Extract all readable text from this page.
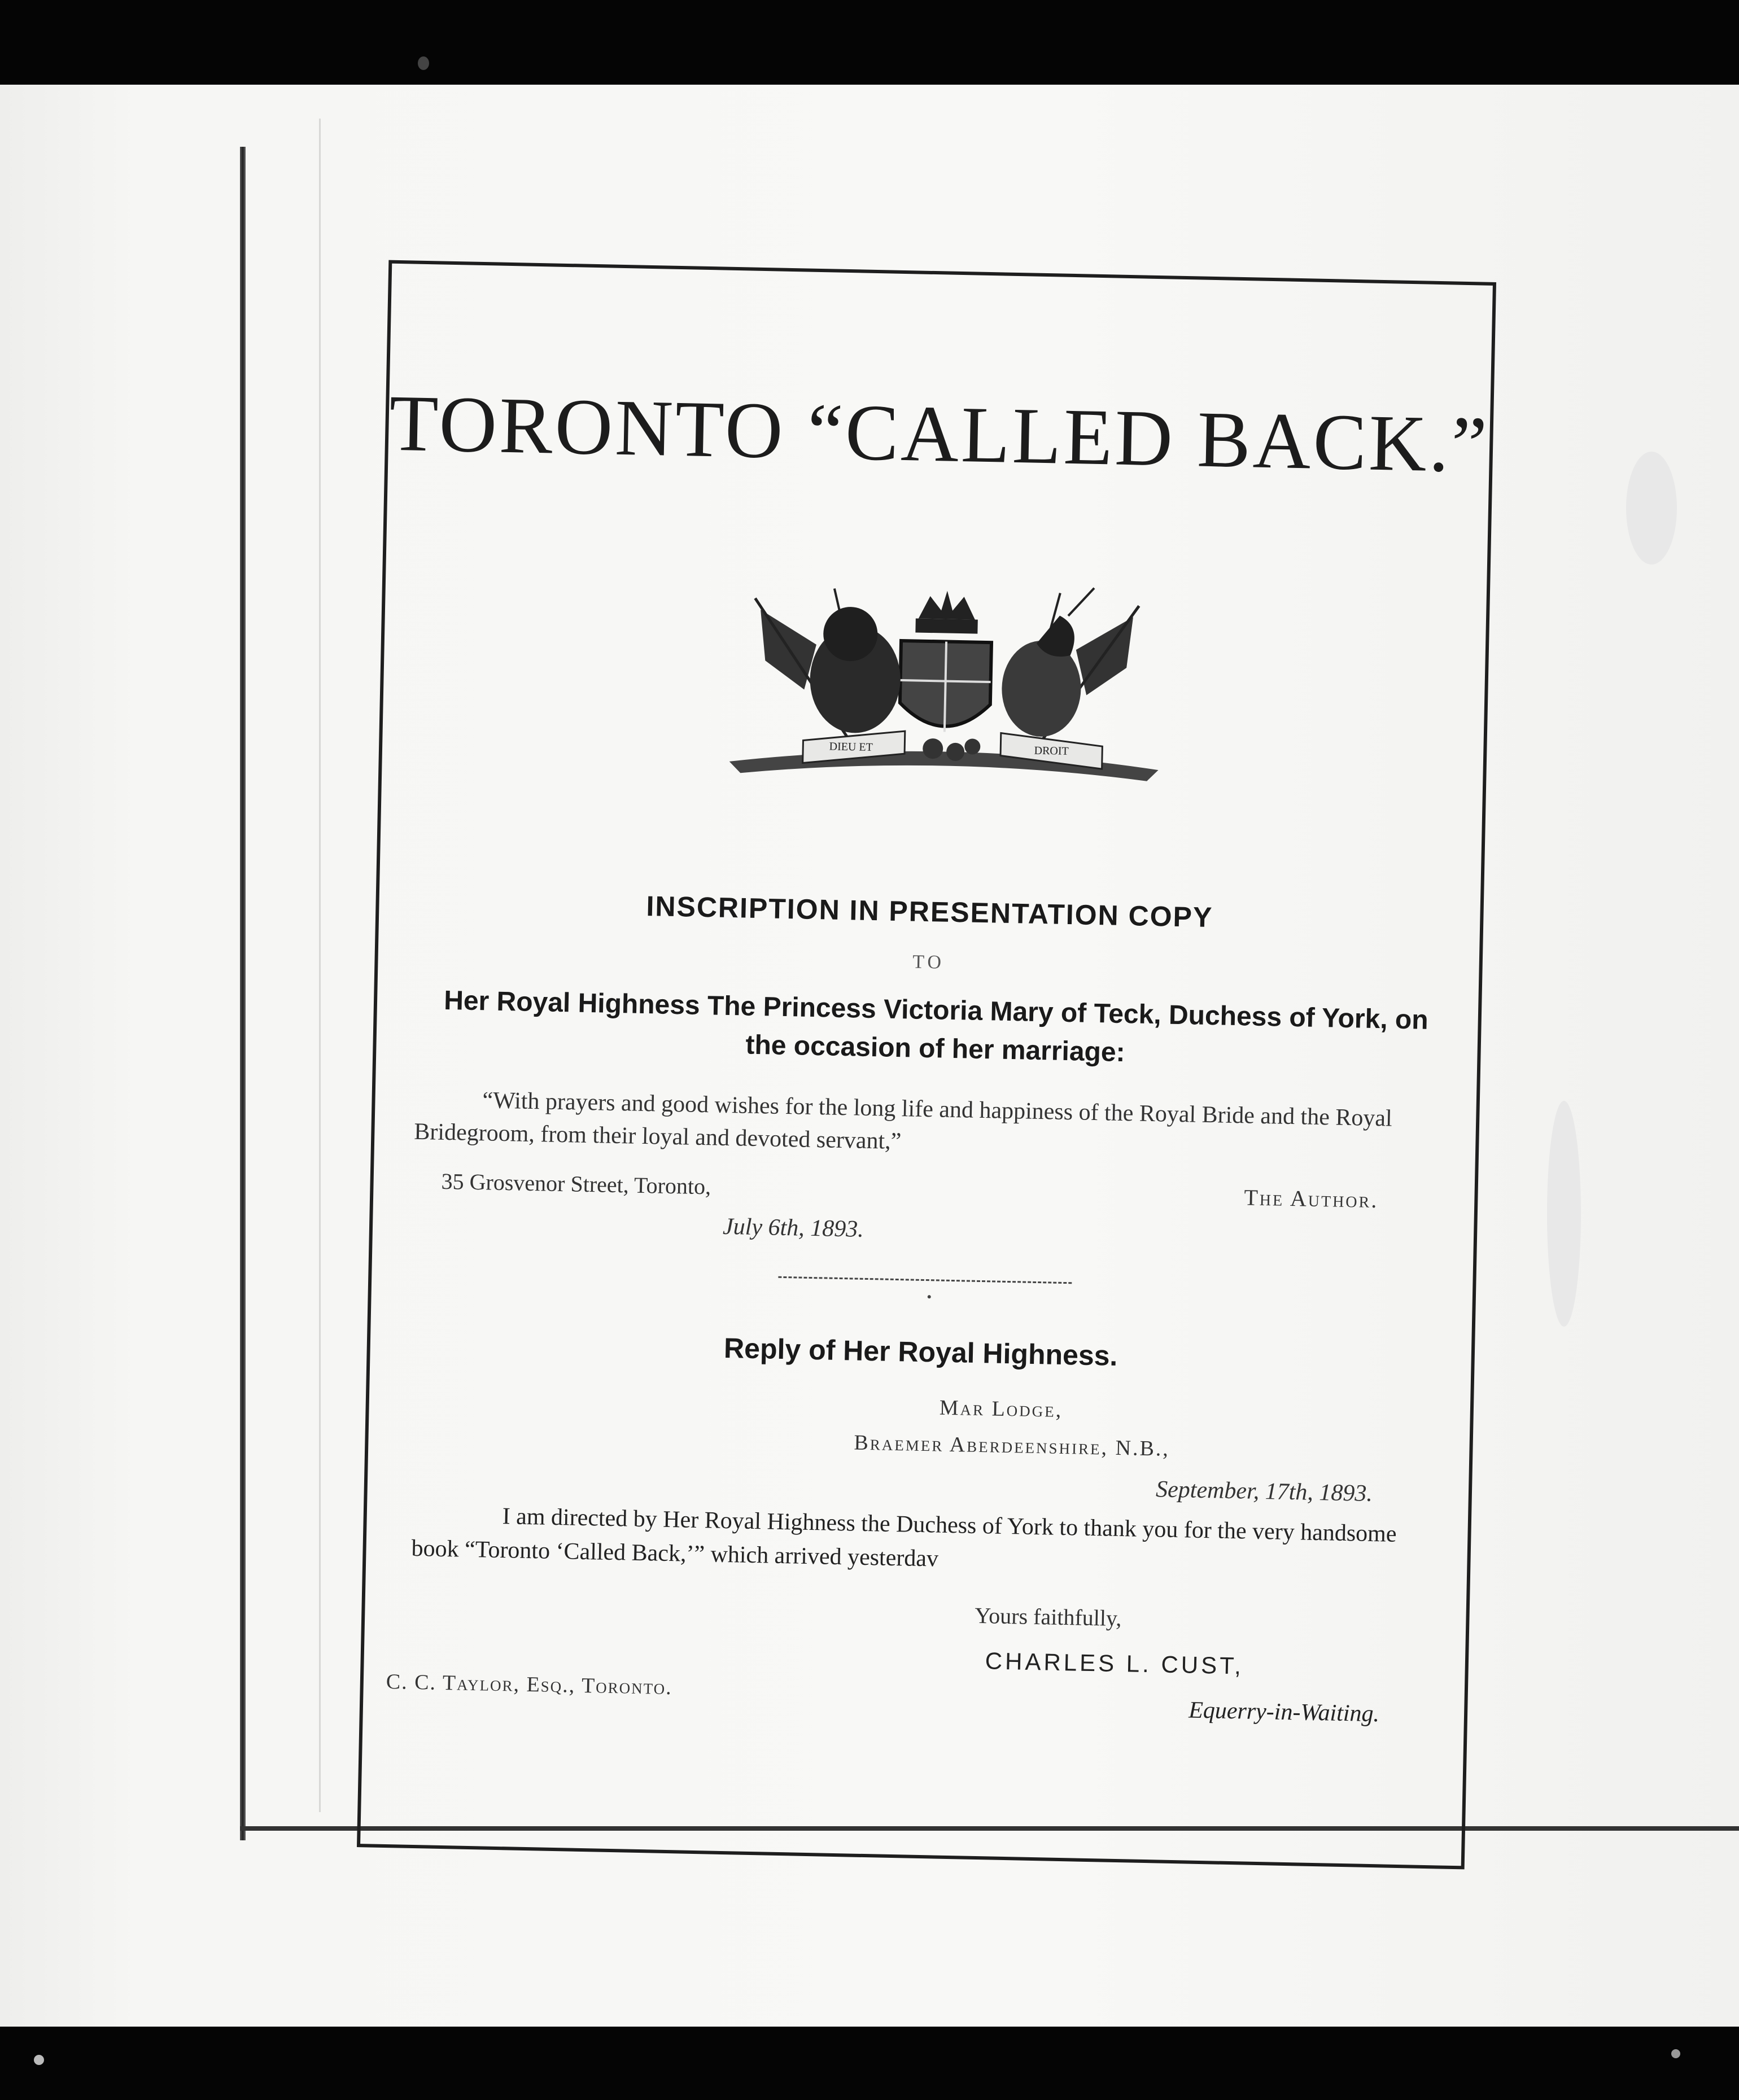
TORONTO “CALLED BACK.”
DIEU ET	DROIT
INSCRIPTION IN PRESENTATION COPY
TO
Her Royal Highness The Princess Victoria Mary of Teck, Duchess of York, on the occasion of her marriage:
“With prayers and good wishes for the long life and happiness of the Royal Bride and the Royal Bridegroom, from their loyal and devoted servant,”
35 Grosvenor Street, Toronto,	The Author.
July 6th, 1893.
Reply of Her Royal Highness.
Mar Lodge,
Braemer Aberdeenshire, N.B.,
September, 17th, 1893.
I am directed by Her Royal Highness the Duchess of York to thank you for the very handsome book “Toronto ‘Called Back,’” which arrived yesterdav
Yours faithfully,
CHARLES L. CUST,
C. C. Taylor, Esq., Toronto.
Equerry-in-Waiting.
